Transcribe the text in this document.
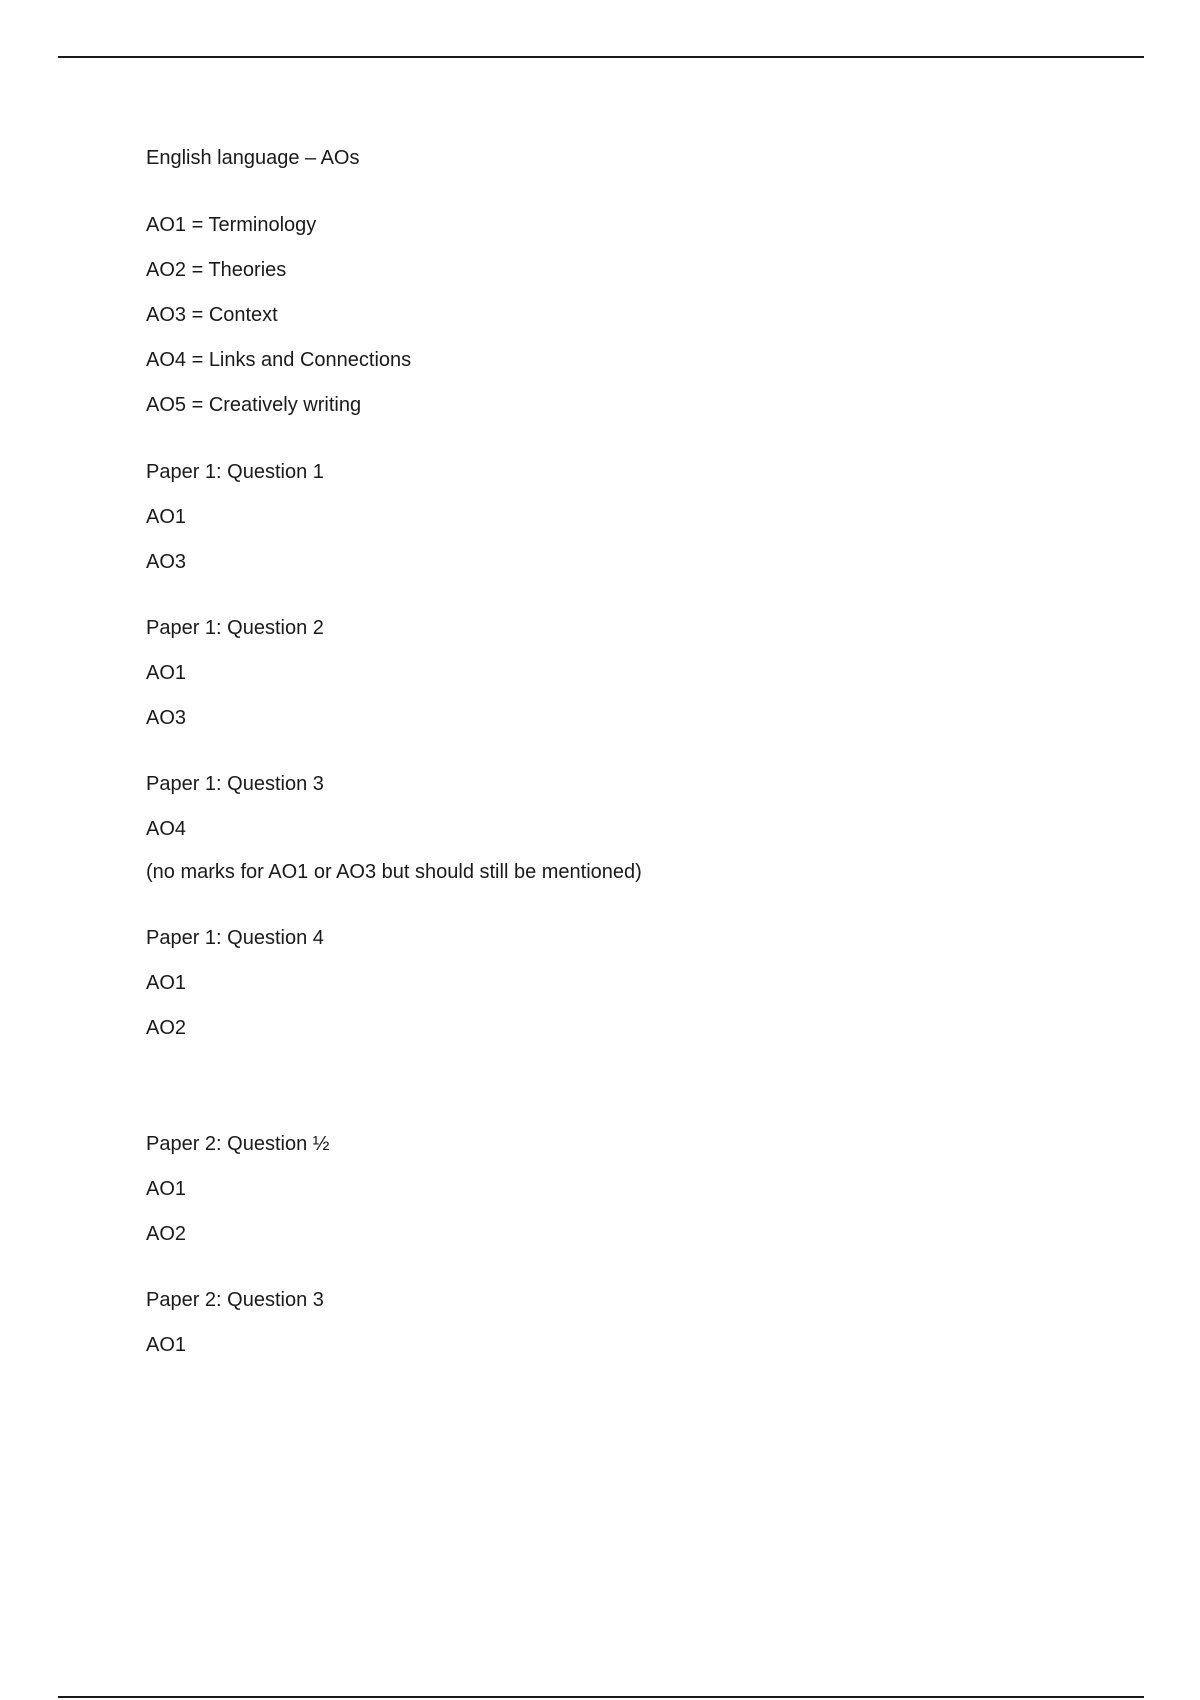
English language – AOs

AO1 = Terminology

AO2 = Theories

AO3 = Context

AO4 = Links and Connections

AO5 = Creatively writing

Paper 1: Question 1

AO1

AO3

Paper 1: Question 2

AO1

AO3

Paper 1: Question 3

AO4

(no marks for AO1 or AO3 but should still be mentioned)

Paper 1: Question 4

AO1

AO2

Paper 2: Question ½

AO1

AO2

Paper 2: Question 3

AO1
